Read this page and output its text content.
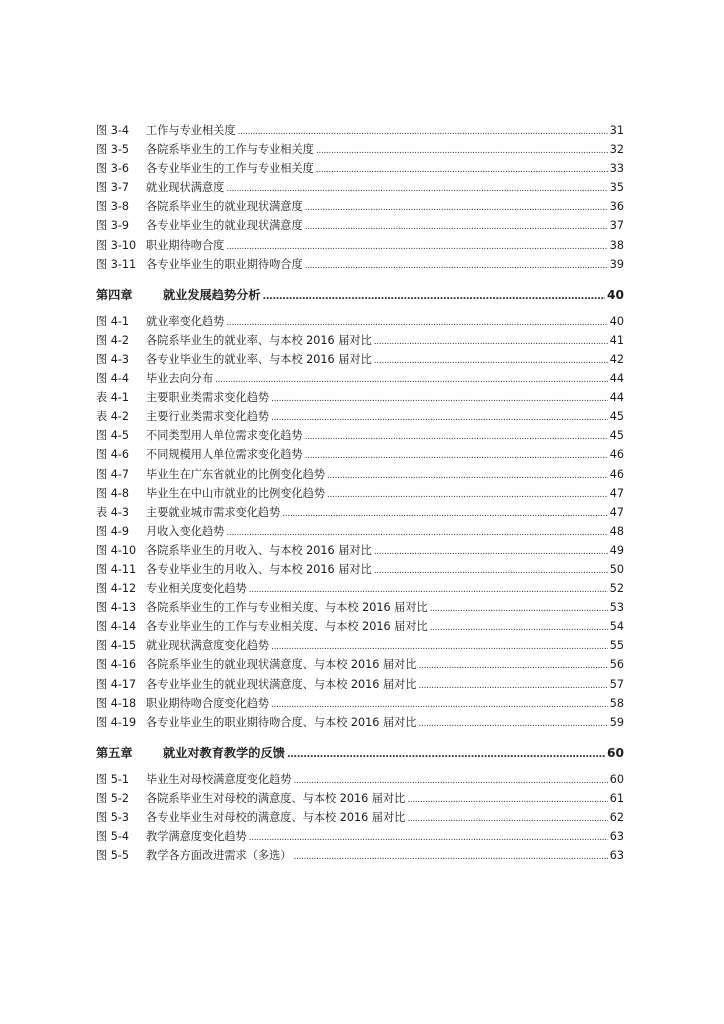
图 3-4	工作与专业相关度 . . .	31
图 3-5	各院系毕业生的工作与专业相关度 . . .	32
图 3-6	各专业毕业生的工作与专业相关度 . . .	33
图 3-7	就业现状满意度 . . .	35
图 3-8	各院系毕业生的就业现状满意度 . . .	36
图 3-9	各专业毕业生的就业现状满意度 . . .	37
图 3-10 职业期待吻合度 . . .	38
图 3-11 各专业毕业生的职业期待吻合度 . . .	39
第四章	就业发展趋势分析 . . .	40
图 4-1	就业率变化趋势 . . .	40
图 4-2	各院系毕业生的就业率、与本校 2016 届对比 . . .	41
图 4-3	各专业毕业生的就业率、与本校 2016 届对比 . . .	42
图 4-4	毕业去向分布 . . .	44
表 4-1	主要职业类需求变化趋势 . . .	44
表 4-2	主要行业类需求变化趋势 . . .	45
图 4-5	不同类型用人单位需求变化趋势 . . .	45
图 4-6	不同规模用人单位需求变化趋势 . . .	46
图 4-7	毕业生在广东省就业的比例变化趋势 . . .	46
图 4-8	毕业生在中山市就业的比例变化趋势 . . .	47
表 4-3	主要就业城市需求变化趋势 . . .	47
图 4-9	月收入变化趋势 . . .	48
图 4-10 各院系毕业生的月收入、与本校 2016 届对比 . . .	49
图 4-11 各专业毕业生的月收入、与本校 2016 届对比 . . .	50
图 4-12 专业相关度变化趋势 . . .	52
图 4-13 各院系毕业生的工作与专业相关度、与本校 2016 届对比 . . .	53
图 4-14 各专业毕业生的工作与专业相关度、与本校 2016 届对比 . . .	54
图 4-15 就业现状满意度变化趋势 . . .	55
图 4-16 各院系毕业生的就业现状满意度、与本校 2016 届对比 . . .	56
图 4-17 各专业毕业生的就业现状满意度、与本校 2016 届对比 . . .	57
图 4-18 职业期待吻合度变化趋势 . . .	58
图 4-19 各专业毕业生的职业期待吻合度、与本校 2016 届对比 . . .	59
第五章	就业对教育教学的反馈 . . .	60
图 5-1	毕业生对母校满意度变化趋势 . . .	60
图 5-2	各院系毕业生对母校的满意度、与本校 2016 届对比 . . .	61
图 5-3	各专业毕业生对母校的满意度、与本校 2016 届对比 . . .	62
图 5-4	教学满意度变化趋势 . . .	63
图 5-5	教学各方面改进需求（多选） . . .	63
